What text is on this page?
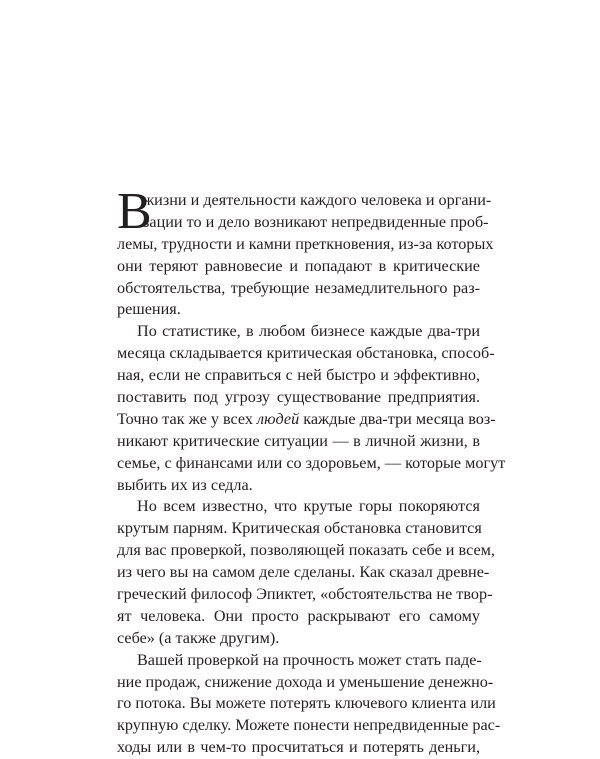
В
жизни и деятельности каждого человека и органи-
зации то и дело возникают непредвиденные проб-
лемы, трудности и камни преткновения, из-за которых
они теряют равновесие и попадают в критические
обстоятельства, требующие незамедлительного раз-
решения.
По статистике, в любом бизнесе каждые два-три
месяца складывается критическая обстановка, способ-
ная, если не справиться с ней быстро и эффективно,
поставить под угрозу существование предприятия.
Точно так же у всех людей каждые два-три месяца воз-
никают критические ситуации — в личной жизни, в
семье, с финансами или со здоровьем, — которые могут
выбить их из седла.
Но всем известно, что крутые горы покоряются
крутым парням. Критическая обстановка становится
для вас проверкой, позволяющей показать себе и всем,
из чего вы на самом деле сделаны. Как сказал древне-
греческий философ Эпиктет, «обстоятельства не твор-
ят человека. Они просто раскрывают его самому
себе» (а также другим).
Вашей проверкой на прочность может стать паде-
ние продаж, снижение дохода и уменьшение денежно-
го потока. Вы можете потерять ключевого клиента или
крупную сделку. Можете понести непредвиденные рас-
ходы или в чем-то просчитаться и потерять деньги,
